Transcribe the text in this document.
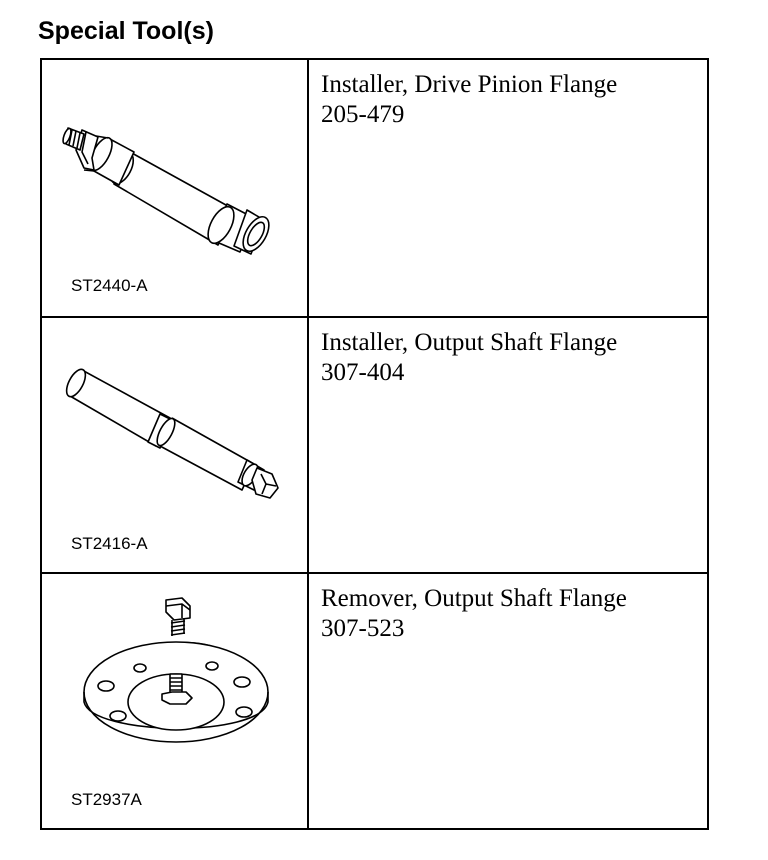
Special Tool(s)
ST2440-A
Installer, Drive Pinion Flange
205-479
ST2416-A
Installer, Output Shaft Flange
307-404
ST2937A
Remover, Output Shaft Flange
307-523
